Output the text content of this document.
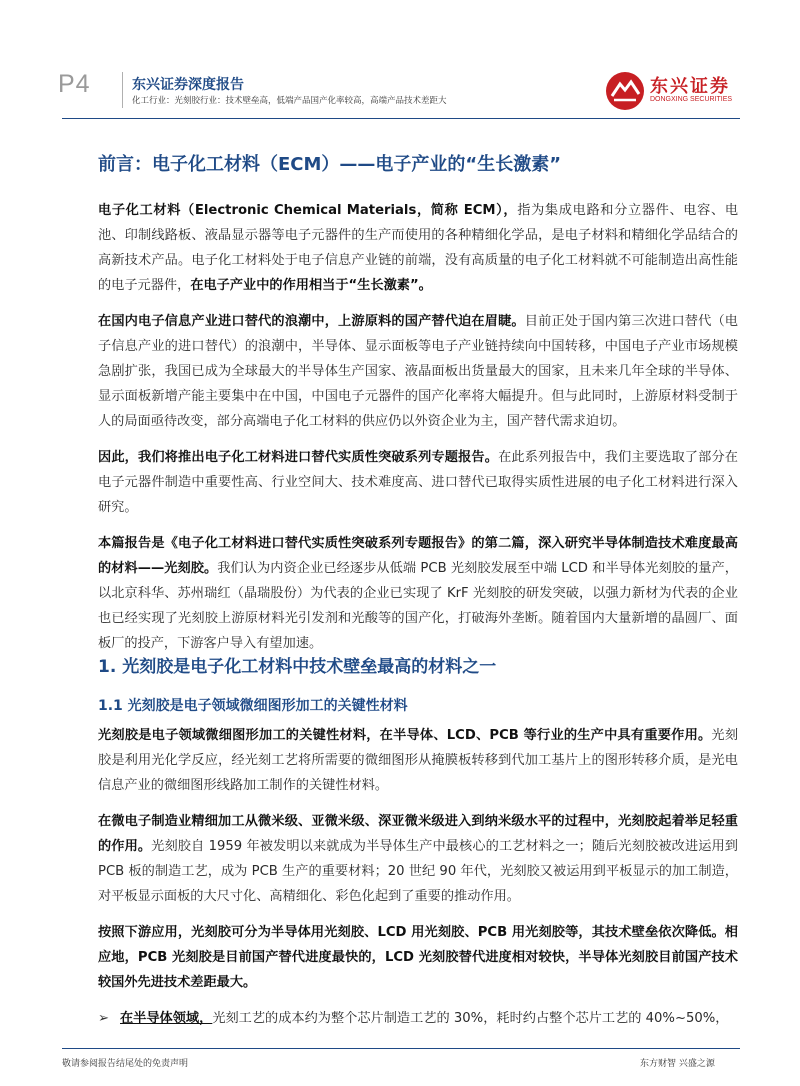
P4	东兴证券深度报告
化工行业：光刻胶行业：技术壁垒高，低端产品国产化率较高，高端产品技术差距大
东兴证券
DONGXING SECURITIES
前言：电子化工材料（ECM）——电子产业的“生长激素”

电子化工材料（Electronic Chemical Materials，简称 ECM），指为集成电路和分立器件、电容、电池、印制线路板、液晶显示器等电子元器件的生产而使用的各种精细化学品，是电子材料和精细化学品结合的高新技术产品。电子化工材料处于电子信息产业链的前端，没有高质量的电子化工材料就不可能制造出高性能的电子元器件，在电子产业中的作用相当于“生长激素”。

在国内电子信息产业进口替代的浪潮中，上游原料的国产替代迫在眉睫。目前正处于国内第三次进口替代（电子信息产业的进口替代）的浪潮中，半导体、显示面板等电子产业链持续向中国转移，中国电子产业市场规模急剧扩张，我国已成为全球最大的半导体生产国家、液晶面板出货量最大的国家，且未来几年全球的半导体、显示面板新增产能主要集中在中国，中国电子元器件的国产化率将大幅提升。但与此同时，上游原材料受制于人的局面亟待改变，部分高端电子化工材料的供应仍以外资企业为主，国产替代需求迫切。

因此，我们将推出电子化工材料进口替代实质性突破系列专题报告。在此系列报告中，我们主要选取了部分在电子元器件制造中重要性高、行业空间大、技术难度高、进口替代已取得实质性进展的电子化工材料进行深入研究。

本篇报告是《电子化工材料进口替代实质性突破系列专题报告》的第二篇，深入研究半导体制造技术难度最高的材料——光刻胶。我们认为内资企业已经逐步从低端 PCB 光刻胶发展至中端 LCD 和半导体光刻胶的量产，以北京科华、苏州瑞红（晶瑞股份）为代表的企业已实现了 KrF 光刻胶的研发突破，以强力新材为代表的企业也已经实现了光刻胶上游原材料光引发剂和光酸等的国产化，打破海外垄断。随着国内大量新增的晶圆厂、面板厂的投产，下游客户导入有望加速。

1. 光刻胶是电子化工材料中技术壁垒最高的材料之一
1.1 光刻胶是电子领域微细图形加工的关键性材料

光刻胶是电子领域微细图形加工的关键性材料，在半导体、LCD、PCB 等行业的生产中具有重要作用。光刻胶是利用光化学反应，经光刻工艺将所需要的微细图形从掩膜板转移到代加工基片上的图形转移介质，是光电信息产业的微细图形线路加工制作的关键性材料。

在微电子制造业精细加工从微米级、亚微米级、深亚微米级进入到纳米级水平的过程中，光刻胶起着举足轻重的作用。光刻胶自 1959 年被发明以来就成为半导体生产中最核心的工艺材料之一；随后光刻胶被改进运用到 PCB 板的制造工艺，成为 PCB 生产的重要材料；20 世纪 90 年代，光刻胶又被运用到平板显示的加工制造，对平板显示面板的大尺寸化、高精细化、彩色化起到了重要的推动作用。

按照下游应用，光刻胶可分为半导体用光刻胶、LCD 用光刻胶、PCB 用光刻胶等，其技术壁垒依次降低。相应地，PCB 光刻胶是目前国产替代进度最快的，LCD 光刻胶替代进度相对较快，半导体光刻胶目前国产技术较国外先进技术差距最大。

➢ 在半导体领域，光刻工艺的成本约为整个芯片制造工艺的 30%，耗时约占整个芯片工艺的 40%~50%，
敬请参阅报告结尾处的免责声明	东方财智 兴盛之源
